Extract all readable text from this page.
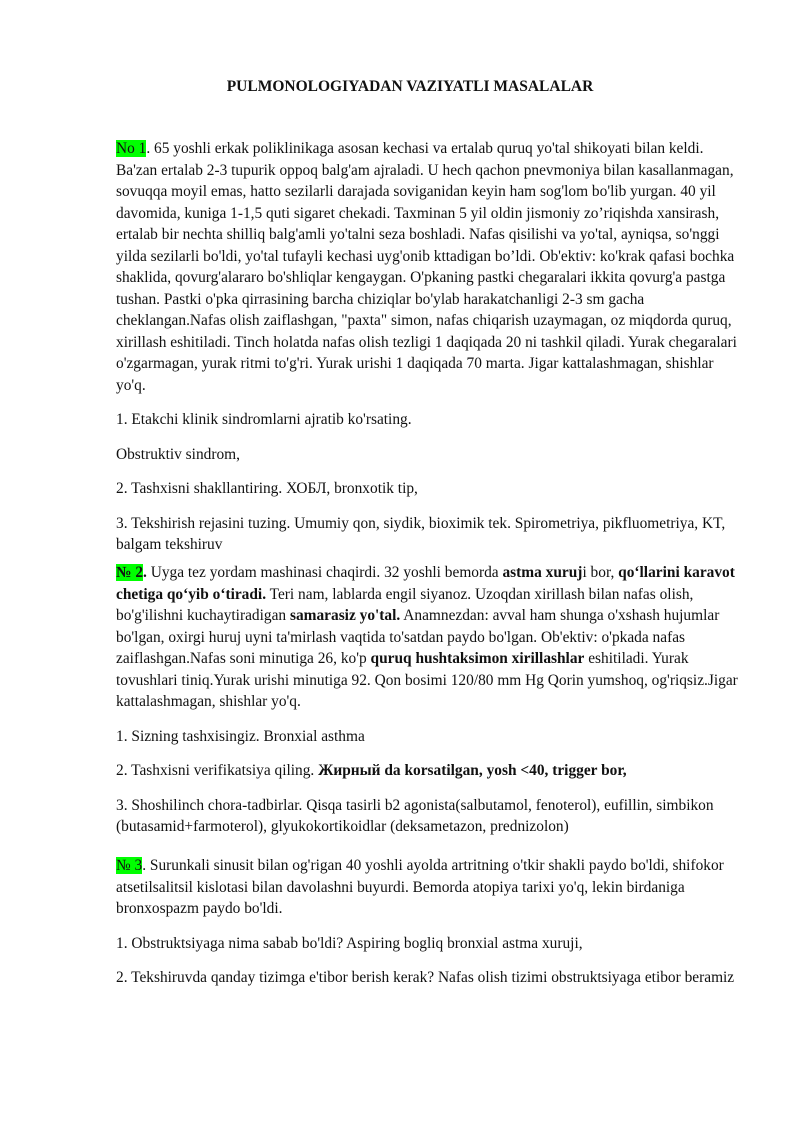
PULMONOLOGIYADAN VAZIYATLI MASALALAR

No 1. 65 yoshli erkak poliklinikaga asosan kechasi va ertalab quruq yo'tal shikoyati bilan keldi. Ba'zan ertalab 2-3 tupurik oppoq balg'am ajraladi. U hech qachon pnevmoniya bilan kasallanmagan, sovuqqa moyil emas, hatto sezilarli darajada soviganidan keyin ham sog'lom bo'lib yurgan. 40 yil davomida, kuniga 1-1,5 quti sigaret chekadi. Taxminan 5 yil oldin jismoniy zo’riqishda xansirash, ertalab bir nechta shilliq balg'amli yo'talni seza boshladi. Nafas qisilishi va yo'tal, ayniqsa, so'nggi yilda sezilarli bo'ldi, yo'tal tufayli kechasi uyg'onib kttadigan bo’ldi. Ob'ektiv: ko'krak qafasi bochka shaklida, qovurg'alararo bo'shliqlar kengaygan. O'pkaning pastki chegaralari ikkita qovurg'a pastga tushan. Pastki o'pka qirrasining barcha chiziqlar bo'ylab harakatchanligi 2-3 sm gacha cheklangan.Nafas olish zaiflashgan, "paxta" simon, nafas chiqarish uzaymagan, oz miqdorda quruq, xirillash eshitiladi. Tinch holatda nafas olish tezligi 1 daqiqada 20 ni tashkil qiladi. Yurak chegaralari o'zgarmagan, yurak ritmi to'g'ri. Yurak urishi 1 daqiqada 70 marta. Jigar kattalashmagan, shishlar yo'q.

1. Etakchi klinik sindromlarni ajratib ko'rsating.

Obstruktiv sindrom,

2. Tashxisni shakllantiring. ХОБЛ, bronxotik tip,

3. Tekshirish rejasini tuzing. Umumiy qon, siydik, bioximik tek. Spirometriya, pikfluometriya, KT, balgam tekshiruv

№ 2. Uyga tez yordam mashinasi chaqirdi. 32 yoshli bemorda astma xuruji bor, qo‘llarini karavot chetiga qo‘yib o‘tiradi. Teri nam, lablarda engil siyanoz. Uzoqdan xirillash bilan nafas olish, bo'g'ilishni kuchaytiradigan samarasiz yo'tal. Anamnezdan: avval ham shunga o'xshash hujumlar bo'lgan, oxirgi huruj uyni ta'mirlash vaqtida to'satdan paydo bo'lgan. Ob'ektiv: o'pkada nafas zaiflashgan.Nafas soni minutiga 26, ko'p quruq hushtaksimon xirillashlar eshitiladi. Yurak tovushlari tiniq.Yurak urishi minutiga 92. Qon bosimi 120/80 mm Hg Qorin yumshoq, og'riqsiz.Jigar kattalashmagan, shishlar yo'q.

1. Sizning tashxisingiz. Bronxial asthma

2. Tashxisni verifikatsiya qiling. Жирный da korsatilgan, yosh <40, trigger bor,

3. Shoshilinch chora-tadbirlar. Qisqa tasirli b2 agonista(salbutamol, fenoterol), eufillin, simbikon (butasamid+farmoterol), glyukokortikoidlar (deksametazon, prednizolon)

№ 3. Surunkali sinusit bilan og'rigan 40 yoshli ayolda artritning o'tkir shakli paydo bo'ldi, shifokor atsetilsalitsil kislotasi bilan davolashni buyurdi. Bemorda atopiya tarixi yo'q, lekin birdaniga bronxospazm paydo bo'ldi.

1. Obstruktsiyaga nima sabab bo'ldi? Aspiring bogliq bronxial astma xuruji,

2. Tekshiruvda qanday tizimga e'tibor berish kerak? Nafas olish tizimi obstruktsiyaga etibor beramiz
